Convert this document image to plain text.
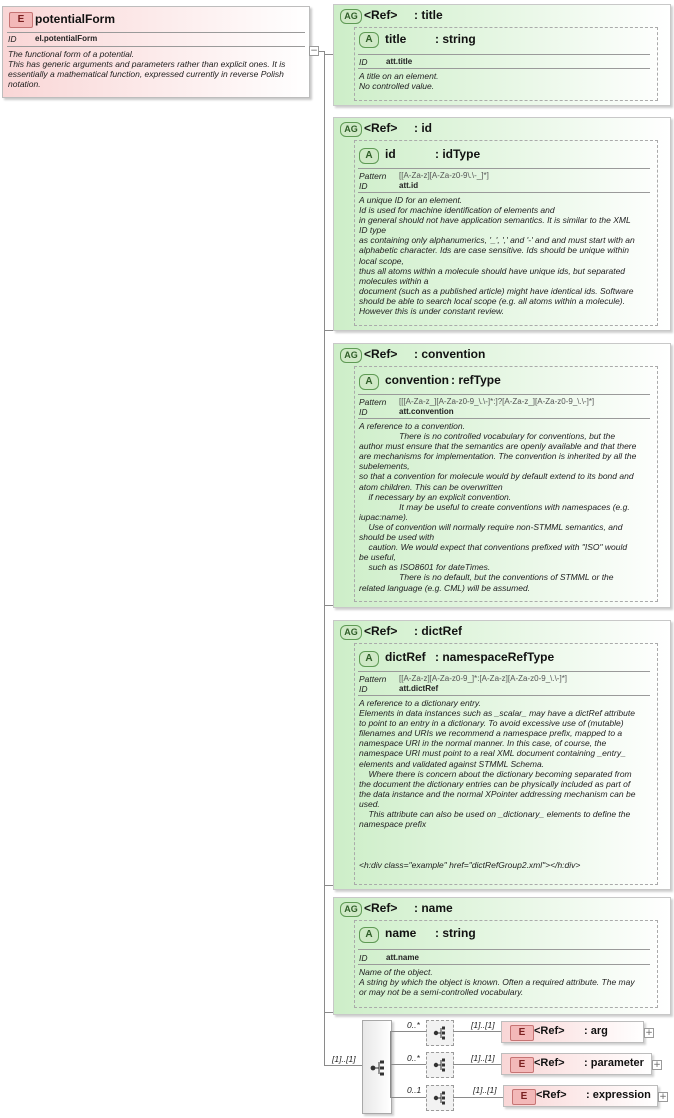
E potentialForm
ID el.potentialForm
The functional form of a potential.
This has generic arguments and parameters rather than explicit ones. It is
essentially a mathematical function, expressed currently in reverse Polish
notation.
−
AG <Ref> : title
A	title : string
ID att.title
A title on an element.
No controlled value.
AG <Ref> : id
A	id	: idType
Pattern [[A-Za-z][A-Za-z0-9\.\-_]*]
ID	att.id
A unique ID for an element.
Id is used for machine identification of elements and
in general should not have application semantics. It is similar to the XML
ID type
as containing only alphanumerics, '_', ',' and '-' and and must start with an
alphabetic character. Ids are case sensitive. Ids should be unique within
local scope,
thus all atoms within a molecule should have unique ids, but separated
molecules within a
document (such as a published article) might have identical ids. Software
should be able to search local scope (e.g. all atoms within a molecule).
However this is under constant review.
AG <Ref> : convention
A	convention : refType
Pattern [[[A-Za-z_][A-Za-z0-9_\.\-]*:]?[A-Za-z_][A-Za-z0-9_\.\-]*]
ID	att.convention
A reference to a convention.
There is no controlled vocabulary for conventions, but the
author must ensure that the semantics are openly available and that there
are mechanisms for implementation. The convention is inherited by all the
subelements,
so that a convention for molecule would by default extend to its bond and
atom children. This can be overwritten
if necessary by an explicit convention.
It may be useful to create conventions with namespaces (e.g.
iupac:name).
Use of convention will normally require non-STMML semantics, and
should be used with
caution. We would expect that conventions prefixed with "ISO" would
be useful,
such as ISO8601 for dateTimes.
There is no default, but the conventions of STMML or the
related language (e.g. CML) will be assumed.
AG <Ref> : dictRef
A	dictRef : namespaceRefType
Pattern [[A-Za-z][A-Za-z0-9_]*:[A-Za-z][A-Za-z0-9_\.\-]*]
ID	att.dictRef
A reference to a dictionary entry.
Elements in data instances such as _scalar_ may have a dictRef attribute
to point to an entry in a dictionary. To avoid excessive use of (mutable)
filenames and URIs we recommend a namespace prefix, mapped to a
namespace URI in the normal manner. In this case, of course, the
namespace URI must point to a real XML document containing _entry_
elements and validated against STMML Schema.
Where there is concern about the dictionary becoming separated from
the document the dictionary entries can be physically included as part of
the data instance and the normal XPointer addressing mechanism can be
used.
This attribute can also be used on _dictionary_ elements to define the
namespace prefix

<h:div class="example" href="dictRefGroup2.xml"></h:div>
AG <Ref> : name
A	name : string
ID att.name
Name of the object.
A string by which the object is known. Often a required attribute. The may
or may not be a semi-controlled vocabulary.
[1]..[1]
0..*	[1]..[1]
E <Ref> : arg	+
0..*	[1]..[1]
E <Ref> : parameter +
0..1	[1]..[1]
E <Ref> : expression +
